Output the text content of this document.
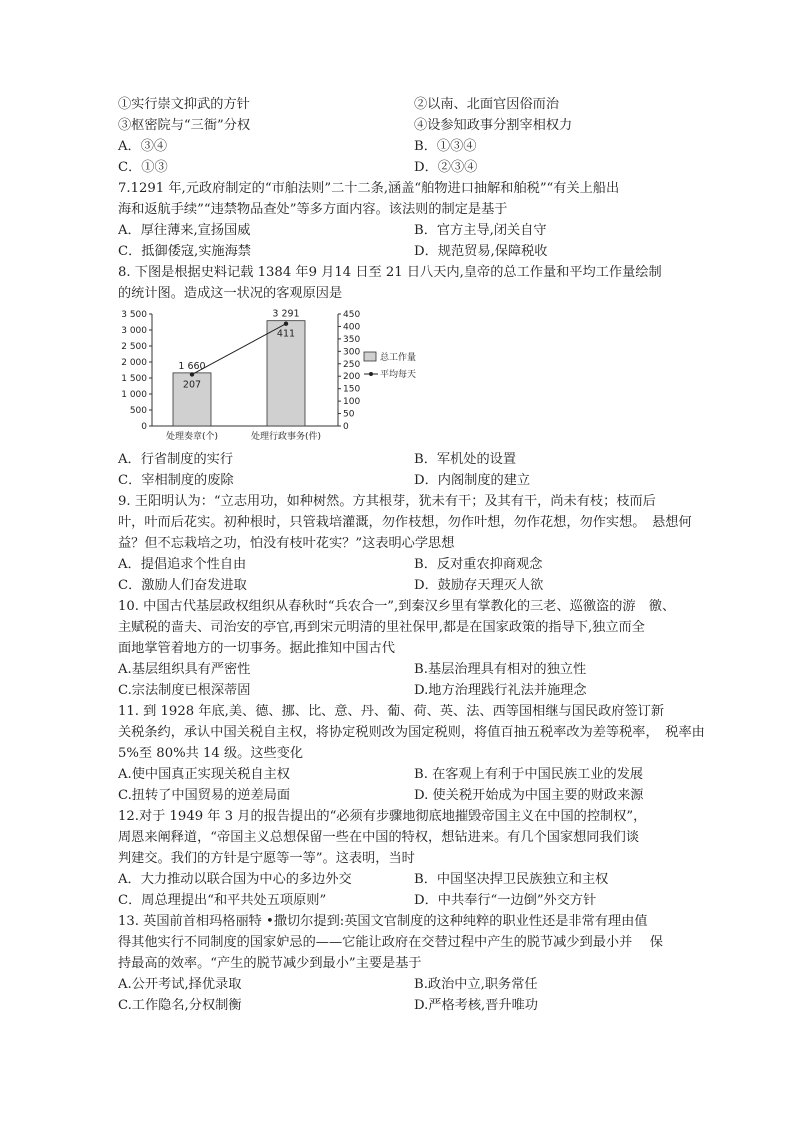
①实行崇文抑武的方针	②以南、北面官因俗而治
③枢密院与“三衙”分权	④设参知政事分割宰相权力
A．③④	B．①③④
C．①③	D．②③④
7.1291 年,元政府制定的“市舶法则”二十二条,涵盖“舶物进口抽解和舶税”“有关上船出
海和返航手续”“违禁物品查处”等多方面内容。该法则的制定是基于
A．厚往薄来,宣扬国威	B．官方主导,闭关自守
C．抵御倭寇,实施海禁	D．规范贸易,保障税收
8. 下图是根据史料记载 1384 年9 月14 日至 21 日八天内,皇帝的总工作量和平均工作量绘制
的统计图。造成这一状况的客观原因是
0
500
1 000
1 500
2 000
2 500
3 000
3 500
0
50
100
150
200
250
300
350
400
450
1 660
处理奏章(个)
3 291
处理行政事务(件)
207
411
总工作量
平均每天
A．行省制度的实行	B．军机处的设置
C．宰相制度的废除	D．内阁制度的建立
9. 王阳明认为：“立志用功，如种树然。方其根芽，犹未有干；及其有干，尚未有枝；枝而后
叶，叶而后花实。初种根时，只管栽培灌溉，勿作枝想，勿作叶想，勿作花想，勿作实想。　悬想何
益？但不忘栽培之功，怕没有枝叶花实？”这表明心学思想
A．提倡追求个性自由	B．反对重农抑商观念
C．激励人们奋发进取	D．鼓励存天理灭人欲
10. 中国古代基层政权组织从春秋时“兵农合一”,到秦汉乡里有掌教化的三老、巡徼盗的游　徼、
主赋税的啬夫、司治安的亭官,再到宋元明清的里社保甲,都是在国家政策的指导下,独立而全
面地掌管着地方的一切事务。据此推知中国古代
A.基层组织具有严密性	B.基层治理具有相对的独立性
C.宗法制度已根深蒂固	D.地方治理践行礼法并施理念
11. 到 1928 年底,美、德、挪、比、意、丹、葡、荷、英、法、西等国相继与国民政府签订新
关税条约，承认中国关税自主权，将协定税则改为国定税则，将值百抽五税率改为差等税率，　税率由
5%至 80%共 14 级。这些变化
A.使中国真正实现关税自主权	B. 在客观上有利于中国民族工业的发展
C.扭转了中国贸易的逆差局面	D. 使关税开始成为中国主要的财政来源
12.对于 1949 年 3 月的报告提出的“必须有步骤地彻底地摧毁帝国主义在中国的控制权”，
周恩来阐释道，“帝国主义总想保留一些在中国的特权，想钻进来。有几个国家想同我们谈
判建交。我们的方针是宁愿等一等”。这表明，当时
A．大力推动以联合国为中心的多边外交	B．中国坚决捍卫民族独立和主权
C．周总理提出“和平共处五项原则”	D．中共奉行“一边倒”外交方针
13. 英国前首相玛格丽特 •撒切尔提到:英国文官制度的这种纯粹的职业性还是非常有理由值
得其他实行不同制度的国家妒忌的——它能让政府在交替过程中产生的脱节减少到最小并　 保
持最高的效率。“产生的脱节减少到最小”主要是基于
A.公开考试,择优录取	B.政治中立,职务常任
C.工作隐名,分权制衡	D.严格考核,晋升唯功
